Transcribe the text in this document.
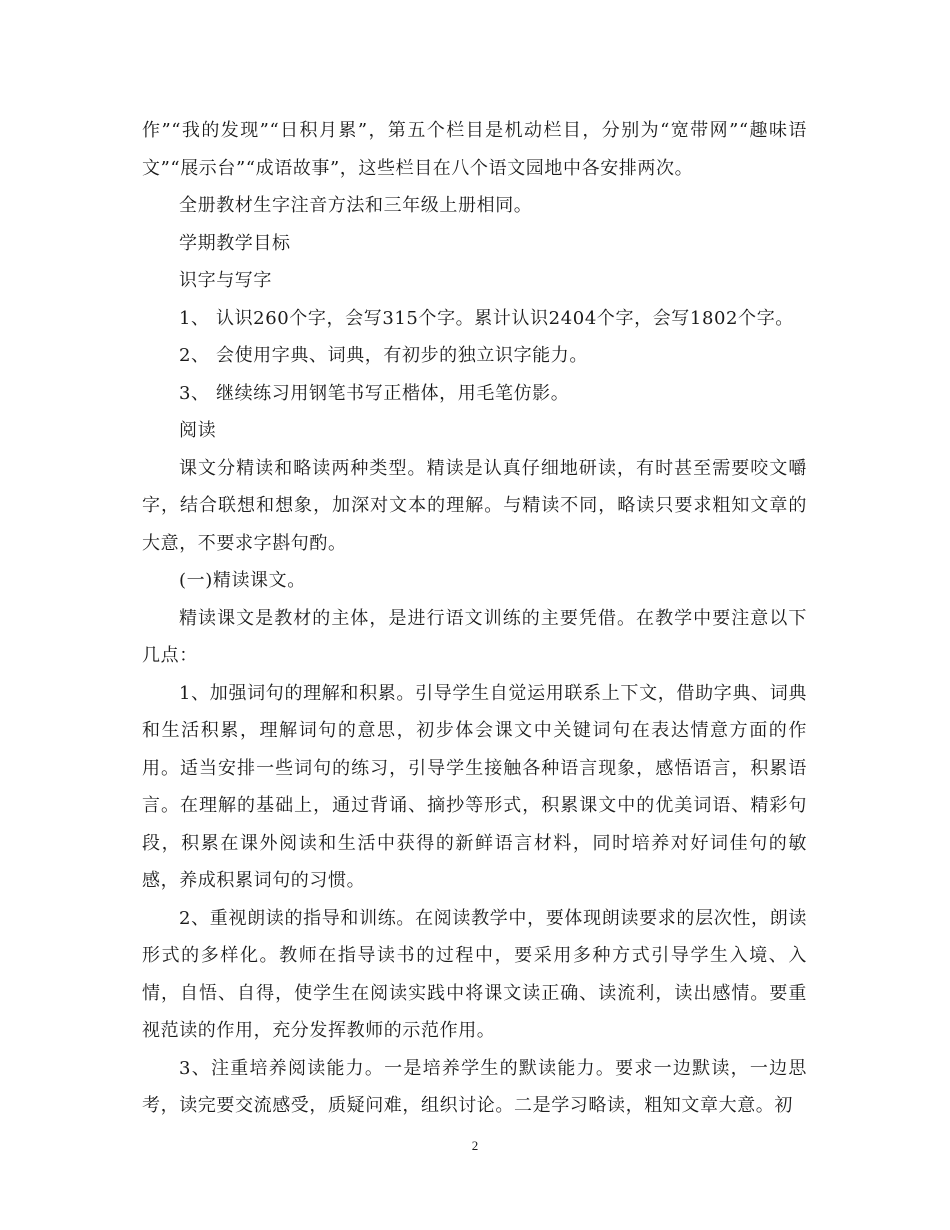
作”“我的发现”“日积月累”，第五个栏目是机动栏目，分别为“宽带网”“趣味语文”“展示台”“成语故事”，这些栏目在八个语文园地中各安排两次。

全册教材生字注音方法和三年级上册相同。

学期教学目标

识字与写字

1、 认识260个字，会写315个字。累计认识2404个字，会写1802个字。

2、 会使用字典、词典，有初步的独立识字能力。

3、 继续练习用钢笔书写正楷体，用毛笔仿影。

阅读

课文分精读和略读两种类型。精读是认真仔细地研读，有时甚至需要咬文嚼字，结合联想和想象，加深对文本的理解。与精读不同，略读只要求粗知文章的大意，不要求字斟句酌。

(一)精读课文。

精读课文是教材的主体，是进行语文训练的主要凭借。在教学中要注意以下几点：

1、加强词句的理解和积累。引导学生自觉运用联系上下文，借助字典、词典和生活积累，理解词句的意思，初步体会课文中关键词句在表达情意方面的作用。适当安排一些词句的练习，引导学生接触各种语言现象，感悟语言，积累语言。在理解的基础上，通过背诵、摘抄等形式，积累课文中的优美词语、精彩句段，积累在课外阅读和生活中获得的新鲜语言材料，同时培养对好词佳句的敏感，养成积累词句的习惯。

2、重视朗读的指导和训练。在阅读教学中，要体现朗读要求的层次性，朗读形式的多样化。教师在指导读书的过程中，要采用多种方式引导学生入境、入情，自悟、自得，使学生在阅读实践中将课文读正确、读流利，读出感情。要重视范读的作用，充分发挥教师的示范作用。

3、注重培养阅读能力。一是培养学生的默读能力。要求一边默读，一边思考，读完要交流感受，质疑问难，组织讨论。二是学习略读，粗知文章大意。初

2
